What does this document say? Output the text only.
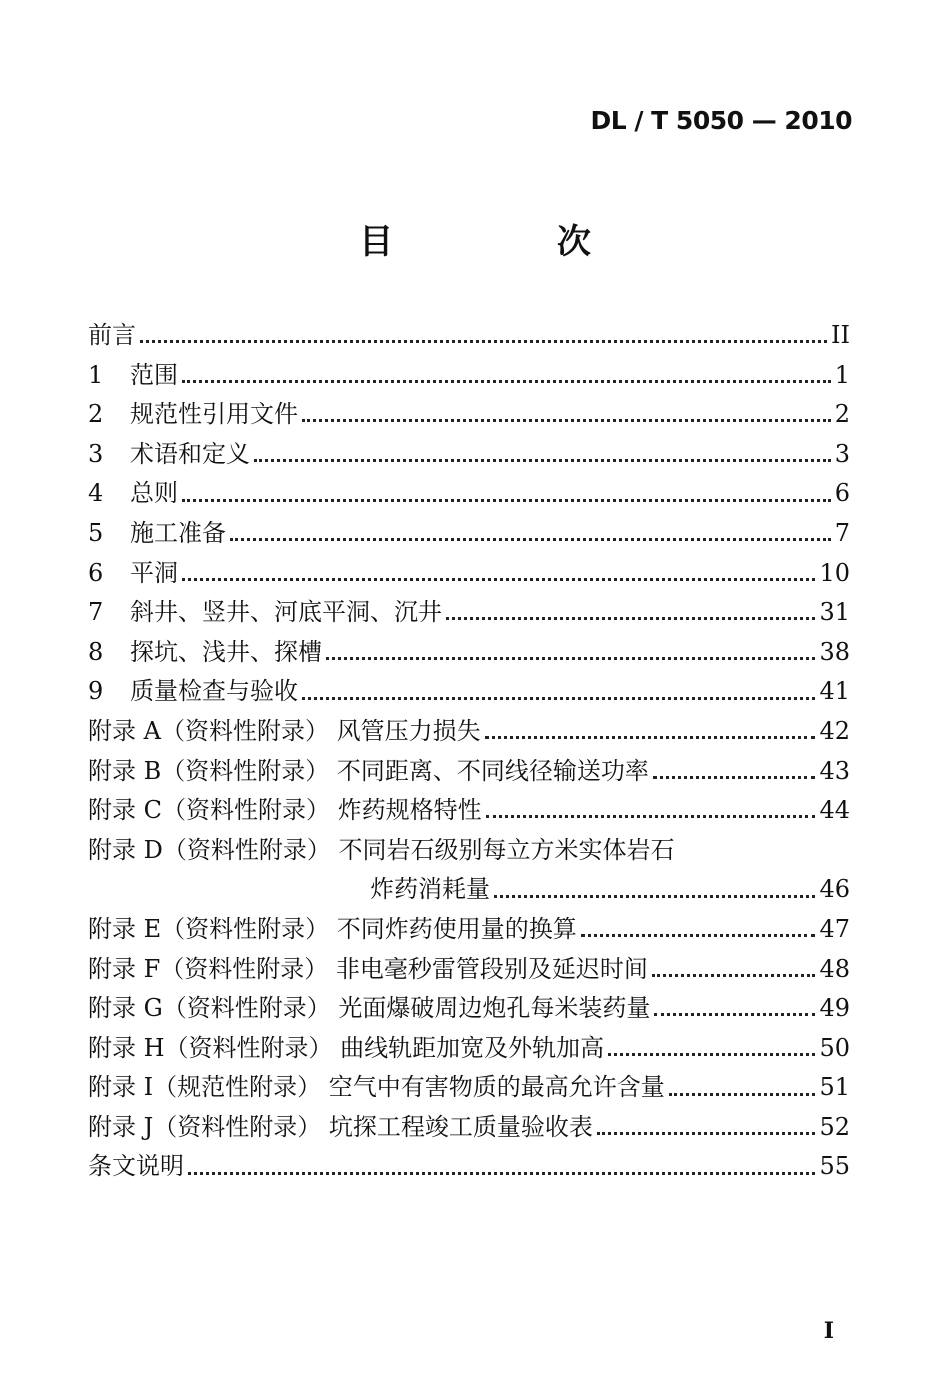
DL / T 5050 — 2010
目 次
前言	II
1	范围	1
2	规范性引用文件	2
3	术语和定义	3
4	总则	6
5	施工准备	7
6	平洞	10
7	斜井、竖井、河底平洞、沉井	31
8	探坑、浅井、探槽	38
9	质量检查与验收	41
附录 A（资料性附录） 风管压力损失	42
附录 B（资料性附录） 不同距离、不同线径输送功率	43
附录 C（资料性附录） 炸药规格特性	44
附录 D（资料性附录） 不同岩石级别每立方米实体岩石
炸药消耗量	46
附录 E（资料性附录） 不同炸药使用量的换算	47
附录 F（资料性附录） 非电毫秒雷管段别及延迟时间	48
附录 G（资料性附录） 光面爆破周边炮孔每米装药量	49
附录 H（资料性附录） 曲线轨距加宽及外轨加高	50
附录 I（规范性附录） 空气中有害物质的最高允许含量	51
附录 J（资料性附录） 坑探工程竣工质量验收表	52
条文说明	55
I
